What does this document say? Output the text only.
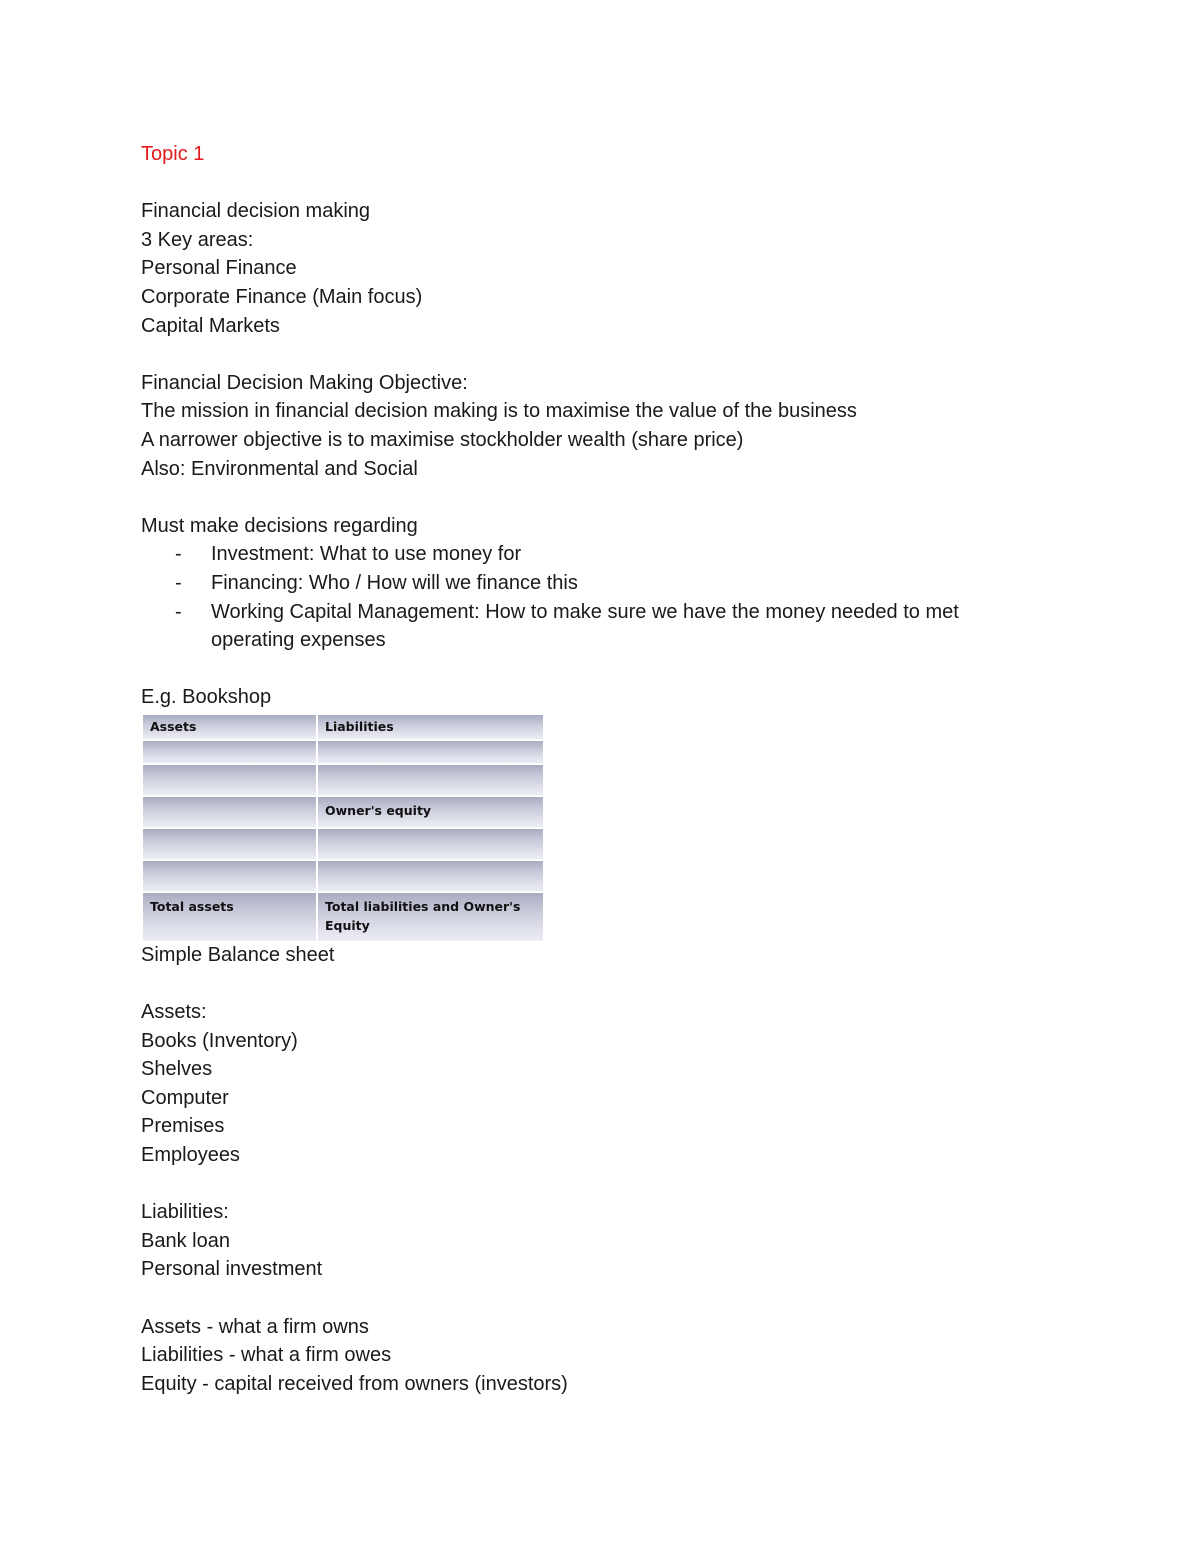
Topic 1
Financial decision making
3 Key areas:
Personal Finance
Corporate Finance (Main focus)
Capital Markets
Financial Decision Making Objective:
The mission in financial decision making is to maximise the value of the business
A narrower objective is to maximise stockholder wealth (share price)
Also: Environmental and Social
Must make decisions regarding
- Investment: What to use money for
- Financing: Who / How will we finance this
- Working Capital Management: How to make sure we have the money needed to met operating expenses
E.g. Bookshop
Assets	Liabilities
Owner's equity
Total assets	Total liabilities and Owner's Equity
Simple Balance sheet
Assets:
Books (Inventory)
Shelves
Computer
Premises
Employees
Liabilities:
Bank loan
Personal investment
Assets - what a firm owns
Liabilities - what a firm owes
Equity - capital received from owners (investors)
